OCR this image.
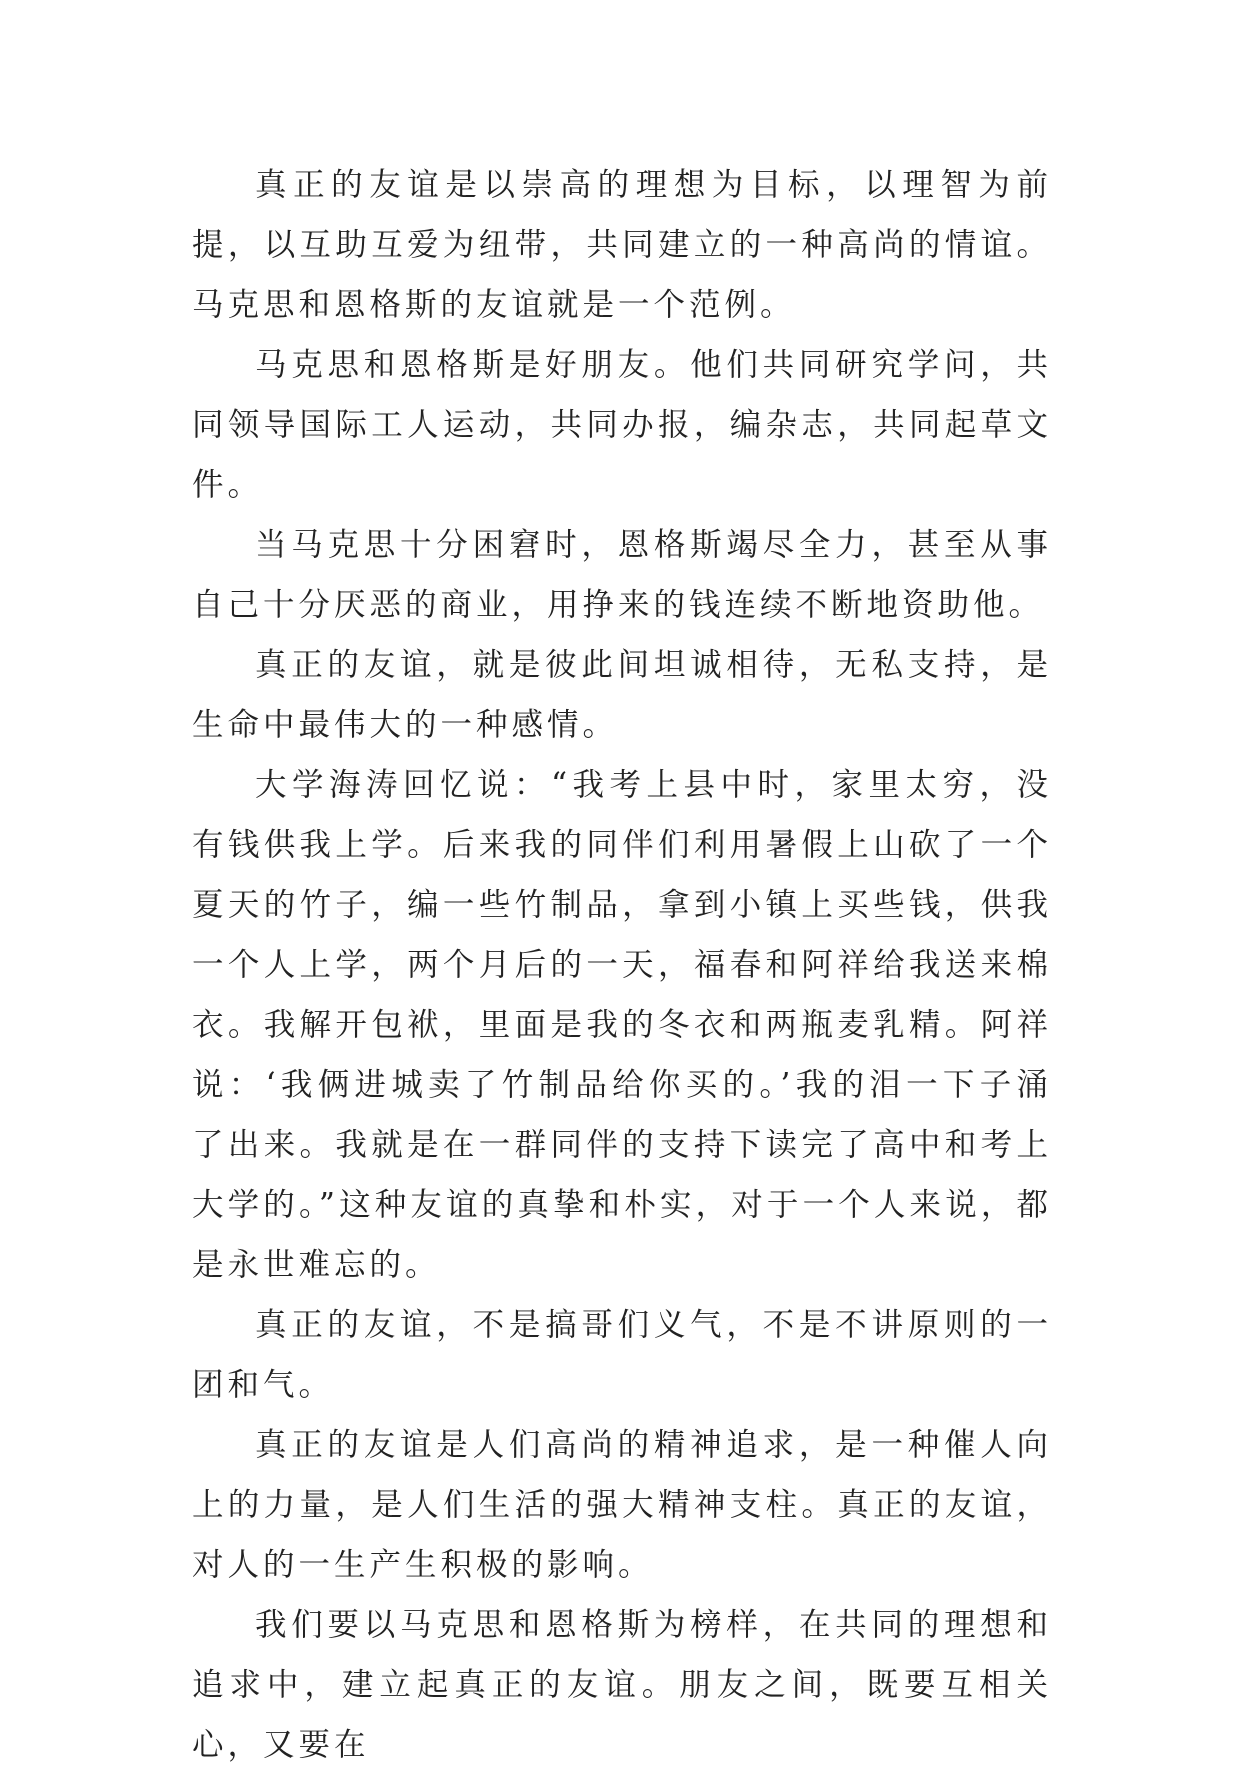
真正的友谊是以崇高的理想为目标，以理智为前提，以互助互爱为纽带，共同建立的一种高尚的情谊。马克思和恩格斯的友谊就是一个范例。

马克思和恩格斯是好朋友。他们共同研究学问，共同领导国际工人运动，共同办报，编杂志，共同起草文件。

当马克思十分困窘时，恩格斯竭尽全力，甚至从事自己十分厌恶的商业，用挣来的钱连续不断地资助他。

真正的友谊，就是彼此间坦诚相待，无私支持，是生命中最伟大的一种感情。

大学海涛回忆说：“我考上县中时，家里太穷，没有钱供我上学。后来我的同伴们利用暑假上山砍了一个夏天的竹子，编一些竹制品，拿到小镇上买些钱，供我一个人上学，两个月后的一天，福春和阿祥给我送来棉衣。我解开包袱，里面是我的冬衣和两瓶麦乳精。阿祥说：‘我俩进城卖了竹制品给你买的。’我的泪一下子涌了出来。我就是在一群同伴的支持下读完了高中和考上大学的。”这种友谊的真挚和朴实，对于一个人来说，都是永世难忘的。

真正的友谊，不是搞哥们义气，不是不讲原则的一团和气。

真正的友谊是人们高尚的精神追求，是一种催人向上的力量，是人们生活的强大精神支柱。真正的友谊，对人的一生产生积极的影响。

我们要以马克思和恩格斯为榜样，在共同的理想和追求中，建立起真正的友谊。朋友之间，既要互相关心，又要在
